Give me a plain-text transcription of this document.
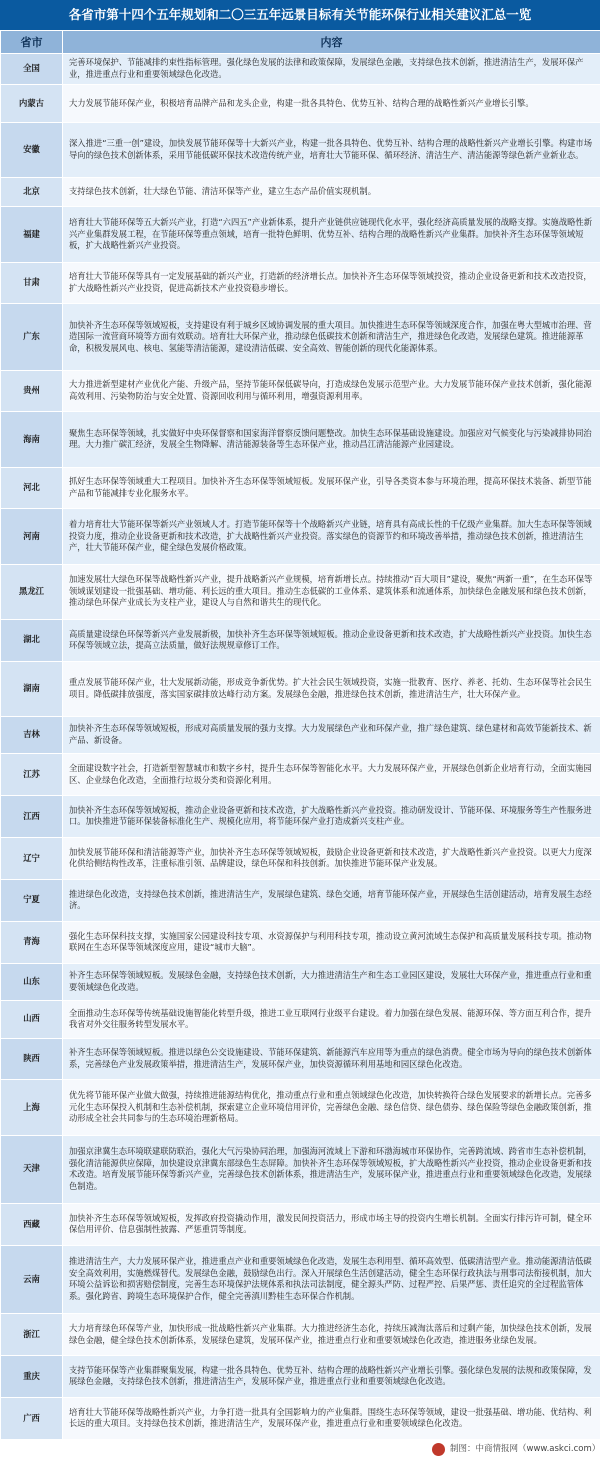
各省市第十四个五年规划和二〇三五年远景目标有关节能环保行业相关建议汇总一览
省市	内容
全国	完善环境保护、节能减排约束性指标管理。强化绿色发展的法律和政策保障，发展绿色金融，支持绿色技术创新，推进清洁生产，发展环保产业，推进重点行业和重要领域绿色化改造。
内蒙古	大力发展节能环保产业，积极培育品牌产品和龙头企业，构建一批各具特色、优势互补、结构合理的战略性新兴产业增长引擎。
安徽	深入推进“三重一创”建设，加快发展节能环保等十大新兴产业，构建一批各具特色、优势互补、结构合理的战略性新兴产业增长引擎。构建市场导向的绿色技术创新体系，采用节能低碳环保技术改造传统产业，培育壮大节能环保、循环经济、清洁生产、清洁能源等绿色新产业新业态。
北京	支持绿色技术创新，壮大绿色节能、清洁环保等产业，建立生态产品价值实现机制。
福建	培育壮大节能环保等五大新兴产业，打造“六四五”产业新体系，提升产业链供应链现代化水平，强化经济高质量发展的战略支撑。实施战略性新兴产业集群发展工程，在节能环保等重点领域，培育一批特色鲜明、优势互补、结构合理的战略性新兴产业集群。加快补齐生态环保等领域短板，扩大战略性新兴产业投资。
甘肃	培育壮大节能环保等具有一定发展基础的新兴产业，打造新的经济增长点。加快补齐生态环保等领域投资，推动企业设备更新和技术改造投资，扩大战略性新兴产业投资，促进高新技术产业投资稳步增长。
广东	加快补齐生态环保等领域短板，支持建设有利于城乡区域协调发展的重大项目。加快推进生态环保等领域深度合作，加强在粤大型城市治理、营造国际一流营商环境等方面有效联动。培育壮大环保产业，推动绿色低碳技术创新和清洁生产，推进绿色化改造，发展绿色建筑。推进能源革命，积极发展风电、核电、氢能等清洁能源，建设清洁低碳、安全高效、智能创新的现代化能源体系。
贵州	大力推进新型建材产业优化产能、升级产品，坚持节能环保低碳导向，打造成绿色发展示范型产业。大力发展节能环保产业技术创新，强化能源高效利用、污染物防治与安全处置、资源回收利用与循环利用，增强资源利用率。
海南	聚焦生态环保等领域，扎实做好中央环保督察和国家海洋督察反馈问题整改。加快生态环保基础设施建设。加强应对气候变化与污染减排协同治理。大力推广碳汇经济，发展全生物降解、清洁能源装备等生态环保产业，推动昌江清洁能源产业园建设。
河北	抓好生态环保等领域重大工程项目。加快补齐生态环保等领域短板。发展环保产业，引导各类资本参与环境治理，提高环保技术装备、新型节能产品和节能减排专业化服务水平。
河南	着力培育壮大节能环保等新兴产业领域人才。打造节能环保等十个战略新兴产业链，培育具有高成长性的千亿级产业集群。加大生态环保等领域投资力度，推动企业设备更新和技术改造，扩大战略性新兴产业投资。落实绿色的资源节约和环境改善举措，推动绿色技术创新，推进清洁生产，壮大节能环保产业，健全绿色发展价格政策。
黑龙江	加速发展壮大绿色环保等战略性新兴产业，提升战略新兴产业规模，培育新增长点。持续推动“百大项目”建设，聚焦“两新一重”，在生态环保等领域谋划建设一批强基础、增功能、利长远的重大项目。推动生态低碳的工业体系、建筑体系和流通体系，加快绿色金融发展和绿色技术创新，推动绿色环保产业成长为支柱产业，建设人与自然和谐共生的现代化。
湖北	高质量建设绿色环保等新兴产业发展新极，加快补齐生态环保等领域短板。推动企业设备更新和技术改造，扩大战略性新兴产业投资。加快生态环保等领域立法，提高立法质量，做好法规规章修订工作。
湖南	重点发展节能环保产业，壮大发展新动能，形成竞争新优势。扩大社会民生领域投资，实施一批教育、医疗、养老、托幼、生态环保等社会民生项目。降低碳排放强度，落实国家碳排放达峰行动方案。发展绿色金融，推进绿色技术创新，推进清洁生产，壮大环保产业。
吉林	加快补齐生态环保等领域短板，形成对高质量发展的强力支撑。大力发展绿色产业和环保产业，推广绿色建筑、绿色建材和高效节能新技术、新产品、新设备。
江苏	全面建设数字社会，打造新型智慧城市和数字乡村，提升生态环保等智能化水平。大力发展环保产业，开展绿色创新企业培育行动，全面实施园区、企业绿色化改造，全面推行垃圾分类和资源化利用。
江西	加快补齐生态环保等领域短板，推动企业设备更新和技术改造，扩大战略性新兴产业投资。推动研发设计、节能环保、环境服务等生产性服务进口。加快推进节能环保装备标准化生产、规模化应用，将节能环保产业打造成新兴支柱产业。
辽宁	加快发展节能环保和清洁能源等产业，加快补齐生态环保等领域短板，鼓励企业设备更新和技术改造，扩大战略性新兴产业投资。以更大力度深化供给侧结构性改革，注重标准引领、品牌建设，绿色环保和科技创新。加快推进节能环保产业发展。
宁夏	推进绿色化改造，支持绿色技术创新，推进清洁生产，发展绿色建筑、绿色交通，培育节能环保产业，开展绿色生活创建活动，培育发展生态经济。
青海	强化生态环保科技支撑，实施国家公园建设科技专项、水资源保护与利用科技专项，推动设立黄河流域生态保护和高质量发展科技专项。推动物联网在生态环保等领域深度应用，建设“城市大脑”。
山东	补齐生态环保等领域短板。发展绿色金融，支持绿色技术创新，大力推进清洁生产和生态工业园区建设，发展壮大环保产业，推进重点行业和重要领域绿色化改造。
山西	全面推动生态环保等传统基础设施智能化转型升级，推进工业互联网行业级平台建设。着力加强在绿色发展、能源环保、等方面互利合作，提升我省对外交往服务转型发展水平。
陕西	补齐生态环保等领域短板。推进以绿色公交设施建设、节能环保建筑、新能源汽车应用等为重点的绿色消费。健全市场为导向的绿色技术创新体系，完善绿色产业发展政策举措，推进清洁生产，发展环保产业，加快资源循环利用基地和园区绿色化改造。
上海	优先将节能环保产业做大做强，持续推进能源结构优化，推动重点行业和重点领域绿色化改造，加快转换符合绿色发展要求的新增长点。完善多元化生态环保投入机制和生态补偿机制，探索建立企业环境信用评价，完善绿色金融、绿色信贷、绿色债券、绿色保险等绿色金融政策创新，推动形成全社会共同参与的生态环境治理新格局。
天津	加强京津冀生态环境联建联防联治，强化大气污染协同治理，加强海河流域上下游和环渤海城市环保协作，完善跨流域、跨省市生态补偿机制，强化清洁能源供应保障，加快建设京津冀东部绿色生态屏障。加快补齐生态环保等领域短板，扩大战略性新兴产业投资，推动企业设备更新和技术改造。培育发展节能环保等新兴产业，完善绿色技术创新体系，推进清洁生产，发展环保产业，推进重点行业和重要领域绿色化改造，发展绿色制造。
西藏	加快补齐生态环保等领域短板，发挥政府投资撬动作用，激发民间投资活力，形成市场主导的投资内生增长机制。全面实行排污许可制，健全环保信用评价、信息强制性披露、严惩重罚等制度。
云南	推进清洁生产，大力发展环保产业，推进重点产业和重要领域绿色化改造，发展生态利用型、循环高效型、低碳清洁型产业。推动能源清洁低碳安全高效利用，实施燃煤替代。发展绿色金融，鼓励绿色出行。深入开展绿色生活创建活动，健全生态环保行政执法与刑事司法衔接机制，加大环境公益诉讼和损害赔偿制度，完善生态环境保护法规体系和执法司法制度，健全源头严防、过程严控、后果严惩、责任追究的全过程监管体系。强化跨省、跨境生态环境保护合作，健全完善滇川黔桂生态环保合作机制。
浙江	大力培育绿色环保等产业，加快形成一批战略性新兴产业集群。大力推进经济生态化，持续压减淘汰落后和过剩产能，加快绿色技术创新，发展绿色金融，健全绿色技术创新体系，发展绿色建筑，发展环保产业，推进重点行业和重要领域绿色化改造，推进服务业绿色发展。
重庆	支持节能环保等产业集群聚集发展，构建一批各具特色、优势互补、结构合理的战略性新兴产业增长引擎。强化绿色发展的法规和政策保障，发展绿色金融，支持绿色技术创新，推进清洁生产，发展环保产业，推进重点行业和重要领域绿色化改造。
广西	培育壮大节能环保等战略性新兴产业，力争打造一批具有全国影响力的产业集群。围绕生态环保等领域，建设一批强基础、增功能、优结构、利长远的重大项目。支持绿色技术创新，推进清洁生产，发展环保产业，推进重点行业和重要领域绿色化改造。
制图：中商情报网（www.askci.com）
